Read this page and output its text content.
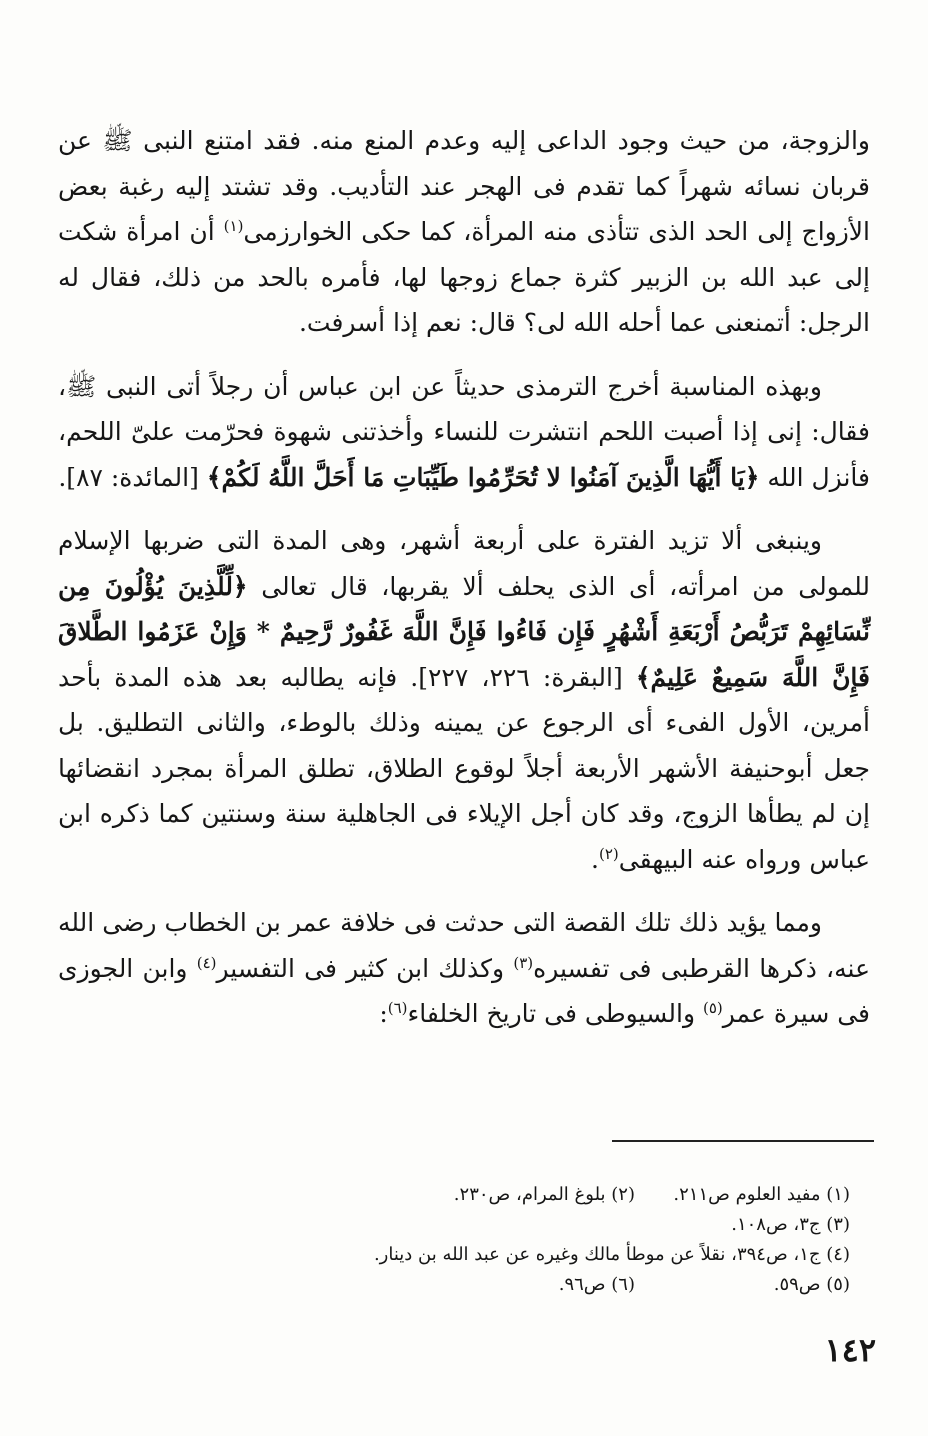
والزوجة، من حيث وجود الداعى إليه وعدم المنع منه. فقد امتنع النبى ﷺ عن قربان نسائه شهراً كما تقدم فى الهجر عند التأديب. وقد تشتد إليه رغبة بعض الأزواج إلى الحد الذى تتأذى منه المرأة، كما حكى الخوارزمى$^{(١)}$ أن امرأة شكت إلى عبد الله بن الزبير كثرة جماع زوجها لها، فأمره بالحد من ذلك، فقال له الرجل: أتمنعنى عما أحله الله لى؟ قال: نعم إذا أسرفت.

وبهذه المناسبة أخرج الترمذى حديثاً عن ابن عباس أن رجلاً أتى النبى ﷺ، فقال: إنى إذا أصبت اللحم انتشرت للنساء وأخذتنى شهوة فحرّمت علىّ اللحم، فأنزل الله ﴿يَا أَيُّهَا الَّذِينَ آمَنُوا لا تُحَرِّمُوا طَيِّبَاتِ مَا أَحَلَّ اللَّهُ لَكُمْ﴾ [المائدة: ٨٧].

وينبغى ألا تزيد الفترة على أربعة أشهر، وهى المدة التى ضربها الإسلام للمولى من امرأته، أى الذى يحلف ألا يقربها، قال تعالى ﴿لِّلَّذِينَ يُؤْلُونَ مِن نِّسَائِهِمْ تَرَبُّصُ أَرْبَعَةِ أَشْهُرٍ فَإِن فَاءُوا فَإِنَّ اللَّهَ غَفُورٌ رَّحِيمٌ * وَإِنْ عَزَمُوا الطَّلاقَ فَإِنَّ اللَّهَ سَمِيعٌ عَلِيمٌ﴾ [البقرة: ٢٢٦، ٢٢٧]. فإنه يطالبه بعد هذه المدة بأحد أمرين، الأول الفىء أى الرجوع عن يمينه وذلك بالوطء، والثانى التطليق. بل جعل أبوحنيفة الأشهر الأربعة أجلاً لوقوع الطلاق، تطلق المرأة بمجرد انقضائها إن لم يطأها الزوج، وقد كان أجل الإيلاء فى الجاهلية سنة وسنتين كما ذكره ابن عباس ورواه عنه البيهقى$^{(٢)}$.

ومما يؤيد ذلك تلك القصة التى حدثت فى خلافة عمر بن الخطاب رضى الله عنه، ذكرها القرطبى فى تفسيره$^{(٣)}$ وكذلك ابن كثير فى التفسير$^{(٤)}$ وابن الجوزى فى سيرة عمر$^{(٥)}$ والسيوطى فى تاريخ الخلفاء$^{(٦)}$:

(١) مفيد العلوم ص٢١١.
(٢) بلوغ المرام، ص٢٣٠.
(٣) ج٣، ص١٠٨.
(٤) ج١، ص٣٩٤، نقلاً عن موطأ مالك وغيره عن عبد الله بن دينار.
(٥) ص٥٩.
(٦) ص٩٦.
١٤٢
